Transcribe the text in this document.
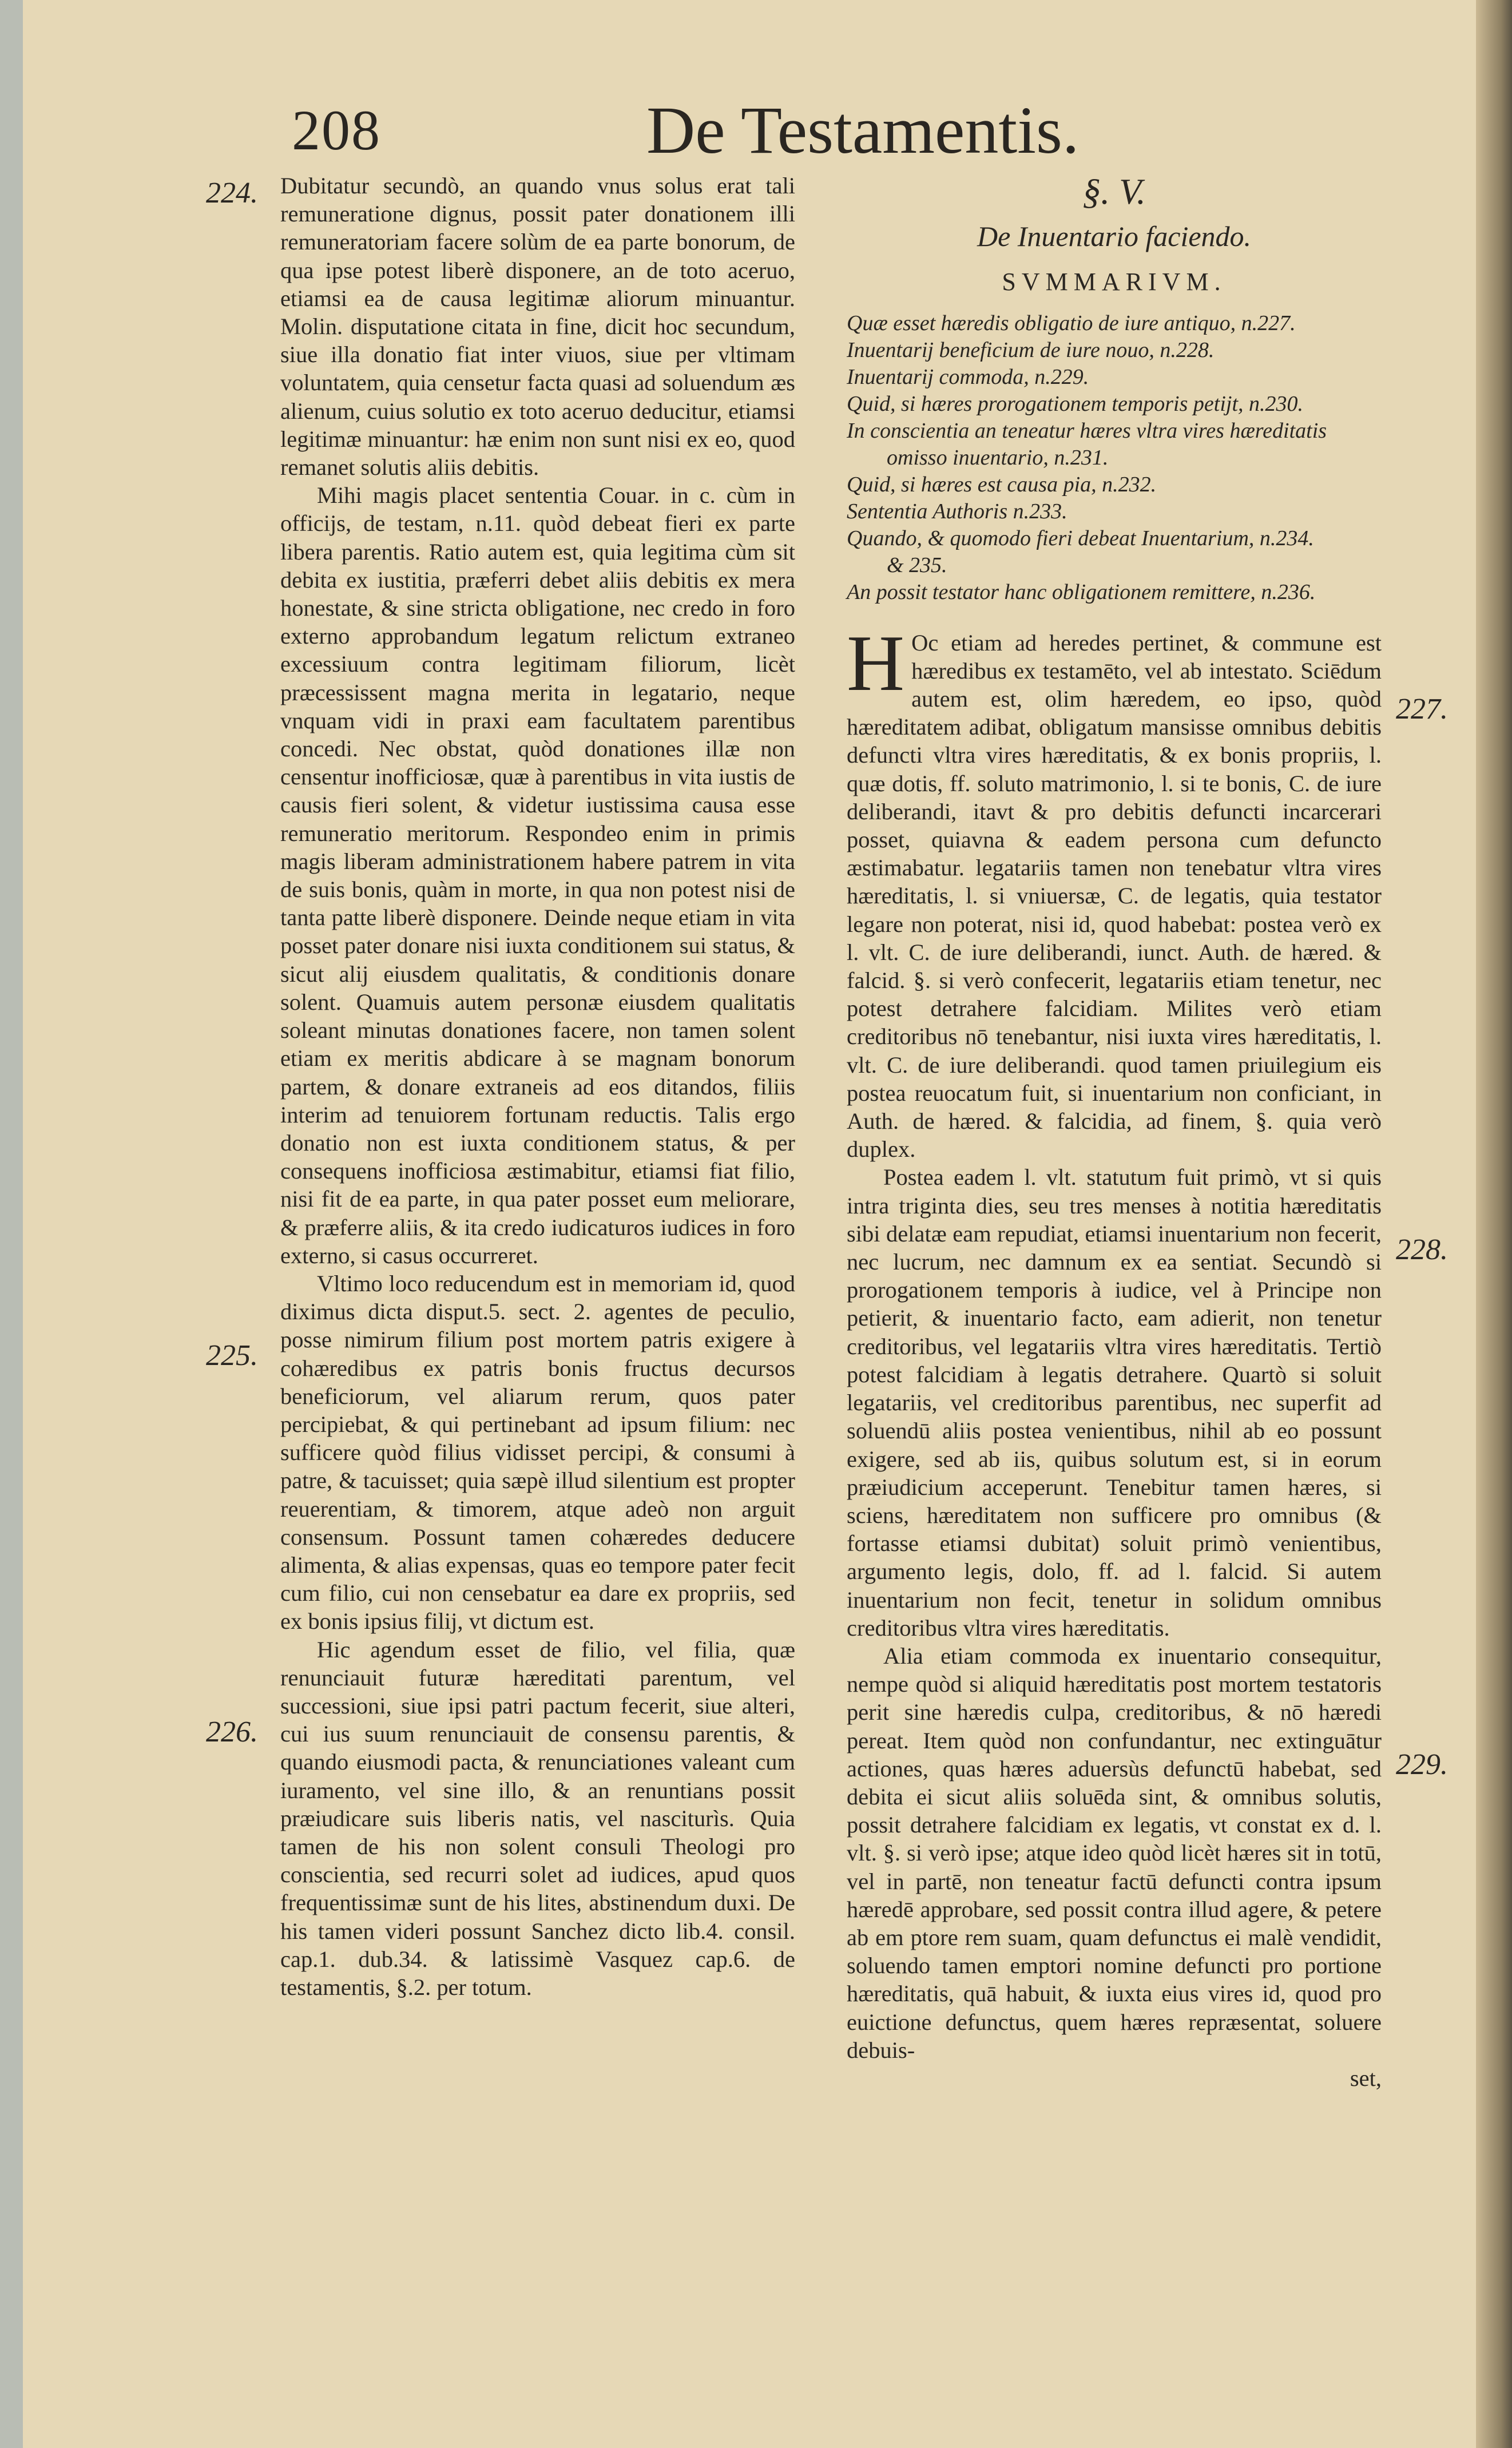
208	De Testamentis.
224.
225.
226.
227.
228.
229.

Dubitatur secundò, an quando vnus solus erat tali remuneratione dignus, possit pater donationem illi remuneratoriam facere solùm de ea parte bonorum, de qua ipse potest liberè disponere, an de toto aceruo, etiamsi ea de causa legitimæ aliorum minuantur. Molin. disputatione citata in fine, dicit hoc secundum, siue illa donatio fiat inter viuos, siue per vltimam voluntatem, quia censetur facta quasi ad soluendum æs alienum, cuius solutio ex toto aceruo deducitur, etiamsi legitimæ minuantur: hæ enim non sunt nisi ex eo, quod remanet solutis aliis debitis.

Mihi magis placet sententia Couar. in c. cùm in officijs, de testam, n.11. quòd debeat fieri ex parte libera parentis. Ratio autem est, quia legitima cùm sit debita ex iustitia, præferri debet aliis debitis ex mera honestate, & sine stricta obligatione, nec credo in foro externo approbandum legatum relictum extraneo excessiuum contra legitimam filiorum, licèt præcessissent magna merita in legatario, neque vnquam vidi in praxi eam facultatem parentibus concedi. Nec obstat, quòd donationes illæ non censentur inofficiosæ, quæ à parentibus in vita iustis de causis fieri solent, & videtur iustissima causa esse remuneratio meritorum. Respondeo enim in primis magis liberam administrationem habere patrem in vita de suis bonis, quàm in morte, in qua non potest nisi de tanta patte liberè disponere. Deinde neque etiam in vita posset pater donare nisi iuxta conditionem sui status, & sicut alij eiusdem qualitatis, & conditionis donare solent. Quamuis autem personæ eiusdem qualitatis soleant minutas donationes facere, non tamen solent etiam ex meritis abdicare à se magnam bonorum partem, & donare extraneis ad eos ditandos, filiis interim ad tenuiorem fortunam reductis. Talis ergo donatio non est iuxta conditionem status, & per consequens inofficiosa æstimabitur, etiamsi fiat filio, nisi fit de ea parte, in qua pater posset eum meliorare, & præferre aliis, & ita credo iudicaturos iudices in foro externo, si casus occurreret.

Vltimo loco reducendum est in memoriam id, quod diximus dicta disput.5. sect. 2. agentes de peculio, posse nimirum filium post mortem patris exigere à cohæredibus ex patris bonis fructus decursos beneficiorum, vel aliarum rerum, quos pater percipiebat, & qui pertinebant ad ipsum filium: nec sufficere quòd filius vidisset percipi, & consumi à patre, & tacuisset; quia sæpè illud silentium est propter reuerentiam, & timorem, atque adeò non arguit consensum. Possunt tamen cohæredes deducere alimenta, & alias expensas, quas eo tempore pater fecit cum filio, cui non censebatur ea dare ex propriis, sed ex bonis ipsius filij, vt dictum est.

Hic agendum esset de filio, vel filia, quæ renunciauit futuræ hæreditati parentum, vel successioni, siue ipsi patri pactum fecerit, siue alteri, cui ius suum renunciauit de consensu parentis, & quando eiusmodi pacta, & renunciationes valeant cum iuramento, vel sine illo, & an renuntians possit præiudicare suis liberis natis, vel nasciturìs. Quia tamen de his non solent consuli Theologi pro conscientia, sed recurri solet ad iudices, apud quos frequentissimæ sunt de his lites, abstinendum duxi. De his tamen videri possunt Sanchez dicto lib.4. consil. cap.1. dub.34. & latissimè Vasquez cap.6. de testamentis, §.2. per totum.

§. V.
De Inuentario faciendo.
SVMMARIVM.

Quæ esset hæredis obligatio de iure antiquo, n.227.

Inuentarij beneficium de iure nouo, n.228.

Inuentarij commoda, n.229.

Quid, si hæres prorogationem temporis petijt, n.230.

In conscientia an teneatur hæres vltra vires hæreditatis

omisso inuentario, n.231.

Quid, si hæres est causa pia, n.232.

Sententia Authoris n.233.

Quando, & quomodo fieri debeat Inuentarium, n.234.

& 235.

An possit testator hanc obligationem remittere, n.236.

H Oc etiam ad heredes pertinet, & commune est hæredibus ex testamēto, vel ab intestato. Sciēdum autem est, olim hæredem, eo ipso, quòd hæreditatem adibat, obligatum mansisse omnibus debitis defuncti vltra vires hæreditatis, & ex bonis propriis, l. quæ dotis, ff. soluto matrimonio, l. si te bonis, C. de iure deliberandi, itavt & pro debitis defuncti incarcerari posset, quiavna & eadem persona cum defuncto æstimabatur. legatariis tamen non tenebatur vltra vires hæreditatis, l. si vniuersæ, C. de legatis, quia testator legare non poterat, nisi id, quod habebat: postea verò ex l. vlt. C. de iure deliberandi, iunct. Auth. de hæred. & falcid. §. si verò confecerit, legatariis etiam tenetur, nec potest detrahere falcidiam. Milites verò etiam creditoribus nō tenebantur, nisi iuxta vires hæreditatis, l. vlt. C. de iure deliberandi. quod tamen priuilegium eis postea reuocatum fuit, si inuentarium non conficiant, in Auth. de hæred. & falcidia, ad finem, §. quia verò duplex.

Postea eadem l. vlt. statutum fuit primò, vt si quis intra triginta dies, seu tres menses à notitia hæreditatis sibi delatæ eam repudiat, etiamsi inuentarium non fecerit, nec lucrum, nec damnum ex ea sentiat. Secundò si prorogationem temporis à iudice, vel à Principe non petierit, & inuentario facto, eam adierit, non tenetur creditoribus, vel legatariis vltra vires hæreditatis. Tertiò potest falcidiam à legatis detrahere. Quartò si soluit legatariis, vel creditoribus parentibus, nec superfit ad soluendū aliis postea venientibus, nihil ab eo possunt exigere, sed ab iis, quibus solutum est, si in eorum præiudicium acceperunt. Tenebitur tamen hæres, si sciens, hæreditatem non sufficere pro omnibus (& fortasse etiamsi dubitat) soluit primò venientibus, argumento legis, dolo, ff. ad l. falcid. Si autem inuentarium non fecit, tenetur in solidum omnibus creditoribus vltra vires hæreditatis.

Alia etiam commoda ex inuentario consequitur, nempe quòd si aliquid hæreditatis post mortem testatoris perit sine hæredis culpa, creditoribus, & nō hæredi pereat. Item quòd non confundantur, nec extinguātur actiones, quas hæres aduersùs defunctū habebat, sed debita ei sicut aliis soluēda sint, & omnibus solutis, possit detrahere falcidiam ex legatis, vt constat ex d. l. vlt. §. si verò ipse; atque ideo quòd licèt hæres sit in totū, vel in partē, non teneatur factū defuncti contra ipsum hæredē approbare, sed possit contra illud agere, & petere ab em ptore rem suam, quam defunctus ei malè vendidit, soluendo tamen emptori nomine defuncti pro portione hæreditatis, quā habuit, & iuxta eius vires id, quod pro euictione defunctus, quem hæres repræsentat, soluere debuis-

set,
